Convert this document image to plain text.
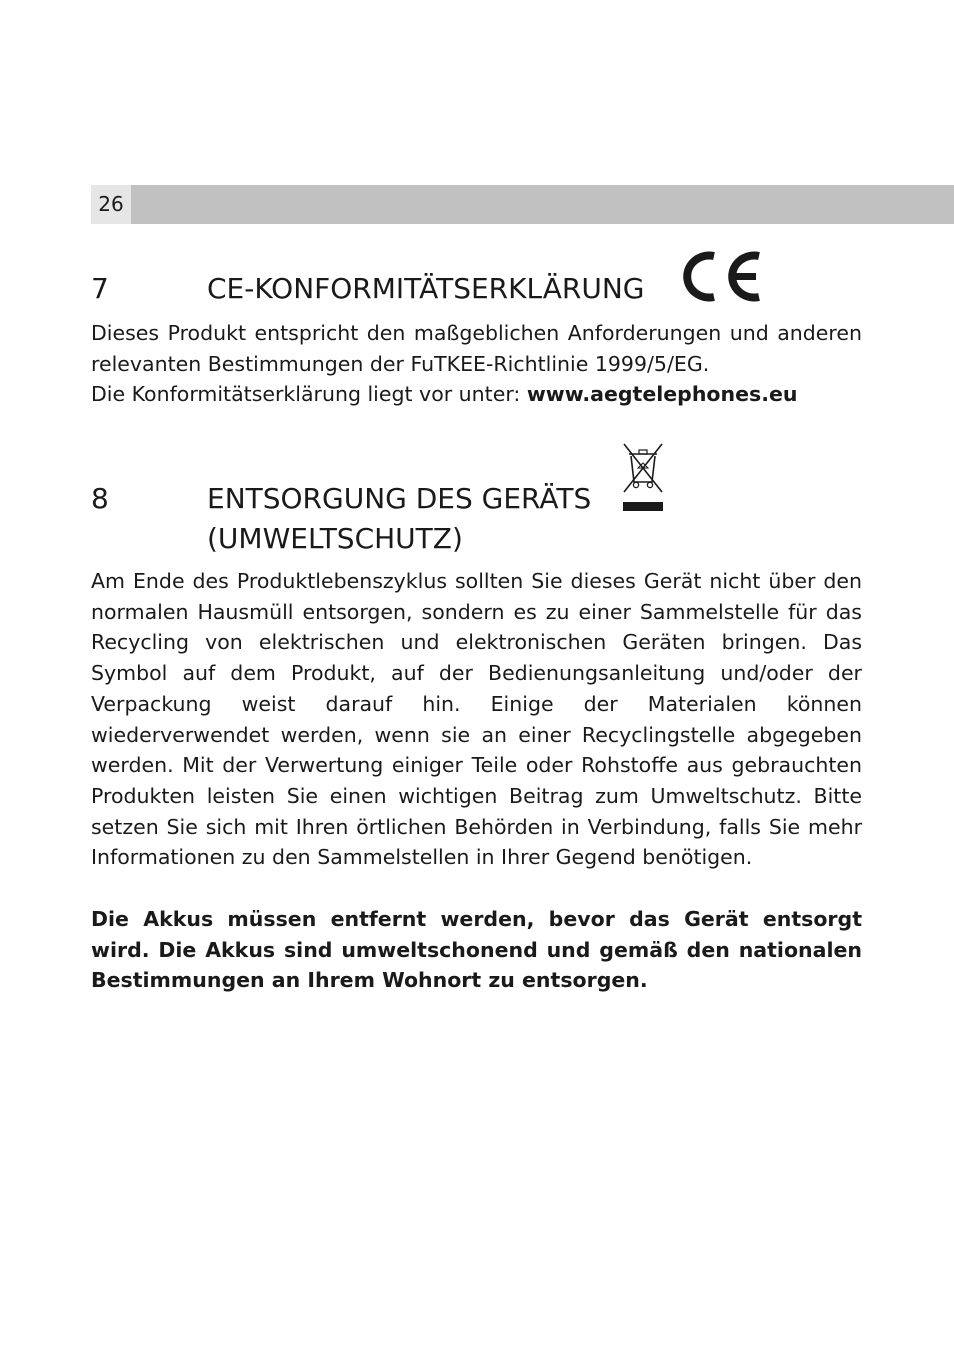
26
7	CE-KONFORMITÄTSERKLÄRUNG

Dieses Produkt entspricht den maßgeblichen Anforderungen und anderen relevanten Bestimmungen der FuTKEE-Richtlinie 1999/5/EG.

Die Konformitätserklärung liegt vor unter: www.aegtelephones.eu

8	ENTSORGUNG DES GERÄTS
(UMWELTSCHUTZ)

Am Ende des Produktlebenszyklus sollten Sie dieses Gerät nicht über den normalen Hausmüll entsorgen, sondern es zu einer Sammelstelle für das Recycling von elektrischen und elektronischen Geräten bringen. Das Symbol auf dem Produkt, auf der Bedienungsanleitung und/oder der Verpackung weist darauf hin. Einige der Materialen können wiederverwendet werden, wenn sie an einer Recyclingstelle abgegeben werden. Mit der Verwertung einiger Teile oder Rohstoffe aus gebrauchten Produkten leisten Sie einen wichtigen Beitrag zum Umweltschutz. Bitte setzen Sie sich mit Ihren örtlichen Behörden in Verbindung, falls Sie mehr Informationen zu den Sammelstellen in Ihrer Gegend benötigen.

Die Akkus müssen entfernt werden, bevor das Gerät entsorgt wird. Die Akkus sind umweltschonend und gemäß den nationalen Bestimmungen an Ihrem Wohnort zu entsorgen.
